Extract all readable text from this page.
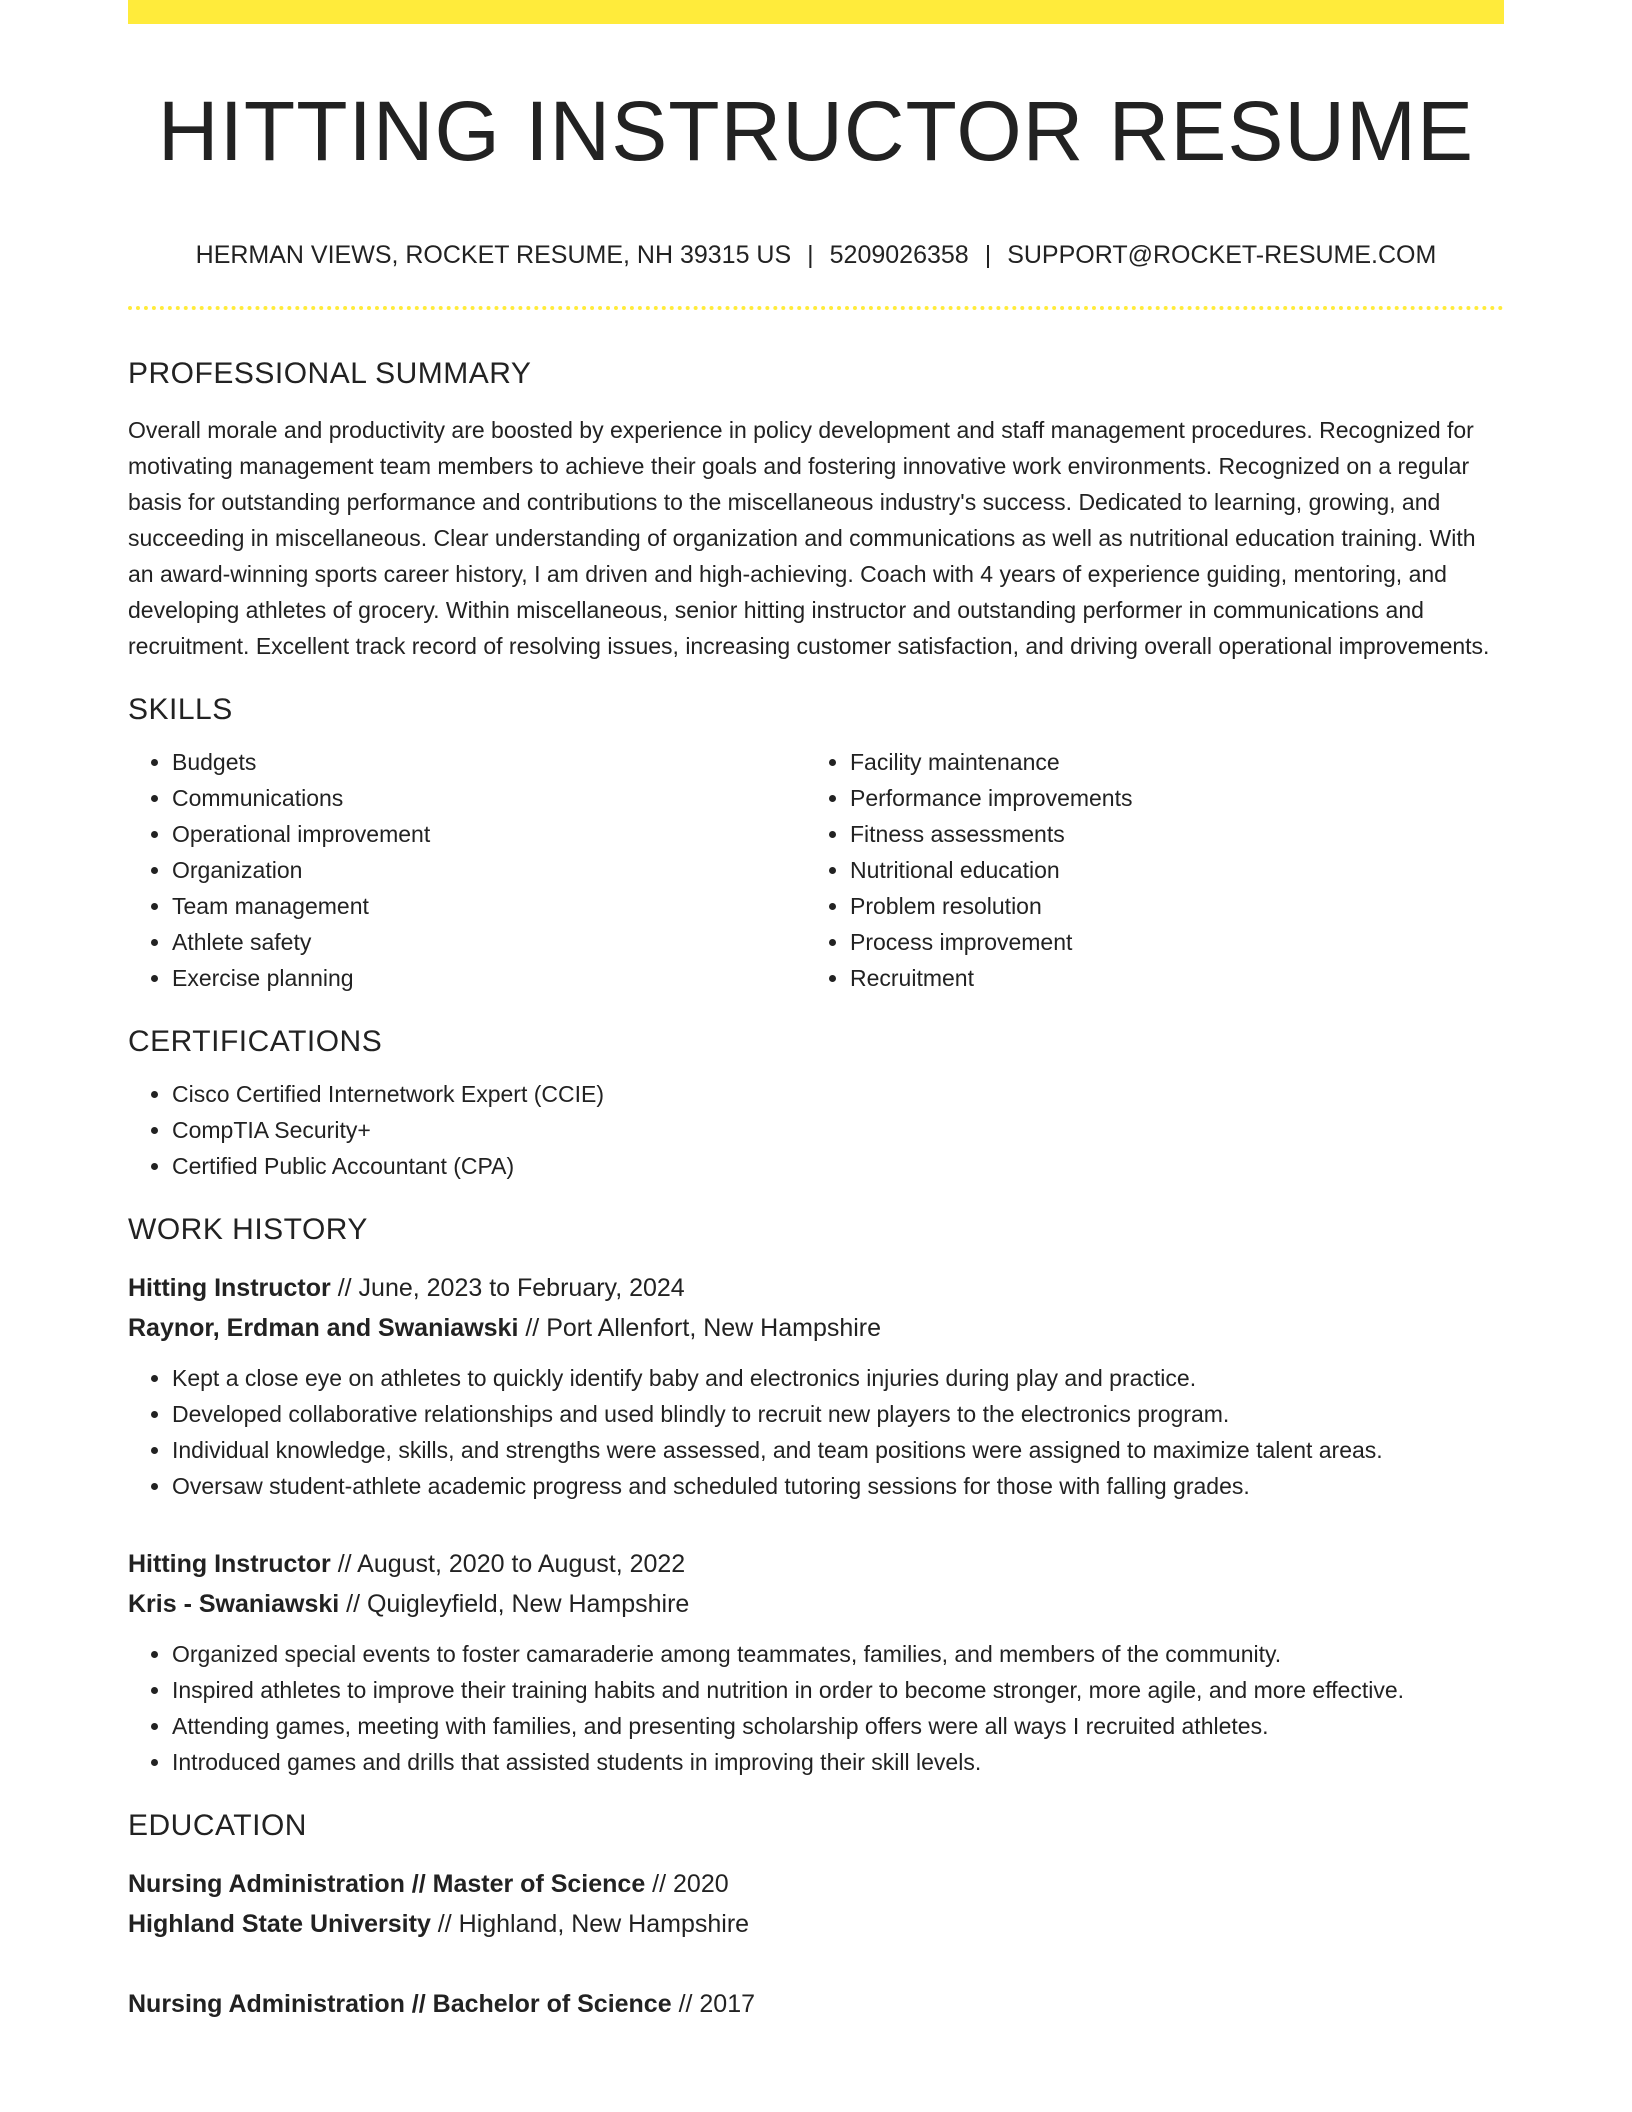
HITTING INSTRUCTOR RESUME
HERMAN VIEWS, ROCKET RESUME, NH 39315 US | 5209026358 | SUPPORT@ROCKET-RESUME.COM
PROFESSIONAL SUMMARY

Overall morale and productivity are boosted by experience in policy development and staff management procedures. Recognized for motivating management team members to achieve their goals and fostering innovative work environments. Recognized on a regular basis for outstanding performance and contributions to the miscellaneous industry's success. Dedicated to learning, growing, and succeeding in miscellaneous. Clear understanding of organization and communications as well as nutritional education training. With an award-winning sports career history, I am driven and high-achieving. Coach with 4 years of experience guiding, mentoring, and developing athletes of grocery. Within miscellaneous, senior hitting instructor and outstanding performer in communications and recruitment. Excellent track record of resolving issues, increasing customer satisfaction, and driving overall operational improvements.

SKILLS
• Budgets
• Communications
• Operational improvement
• Organization
• Team management
• Athlete safety
• Exercise planning
• Facility maintenance
• Performance improvements
• Fitness assessments
• Nutritional education
• Problem resolution
• Process improvement
• Recruitment
CERTIFICATIONS
• Cisco Certified Internetwork Expert (CCIE)
• CompTIA Security+
• Certified Public Accountant (CPA)
WORK HISTORY
Hitting Instructor // June, 2023 to February, 2024
Raynor, Erdman and Swaniawski // Port Allenfort, New Hampshire
• Kept a close eye on athletes to quickly identify baby and electronics injuries during play and practice.
• Developed collaborative relationships and used blindly to recruit new players to the electronics program.
• Individual knowledge, skills, and strengths were assessed, and team positions were assigned to maximize talent areas.
• Oversaw student-athlete academic progress and scheduled tutoring sessions for those with falling grades.
Hitting Instructor // August, 2020 to August, 2022
Kris - Swaniawski // Quigleyfield, New Hampshire
• Organized special events to foster camaraderie among teammates, families, and members of the community.
• Inspired athletes to improve their training habits and nutrition in order to become stronger, more agile, and more effective.
• Attending games, meeting with families, and presenting scholarship offers were all ways I recruited athletes.
• Introduced games and drills that assisted students in improving their skill levels.
EDUCATION
Nursing Administration // Master of Science // 2020
Highland State University // Highland, New Hampshire
Nursing Administration // Bachelor of Science // 2017
